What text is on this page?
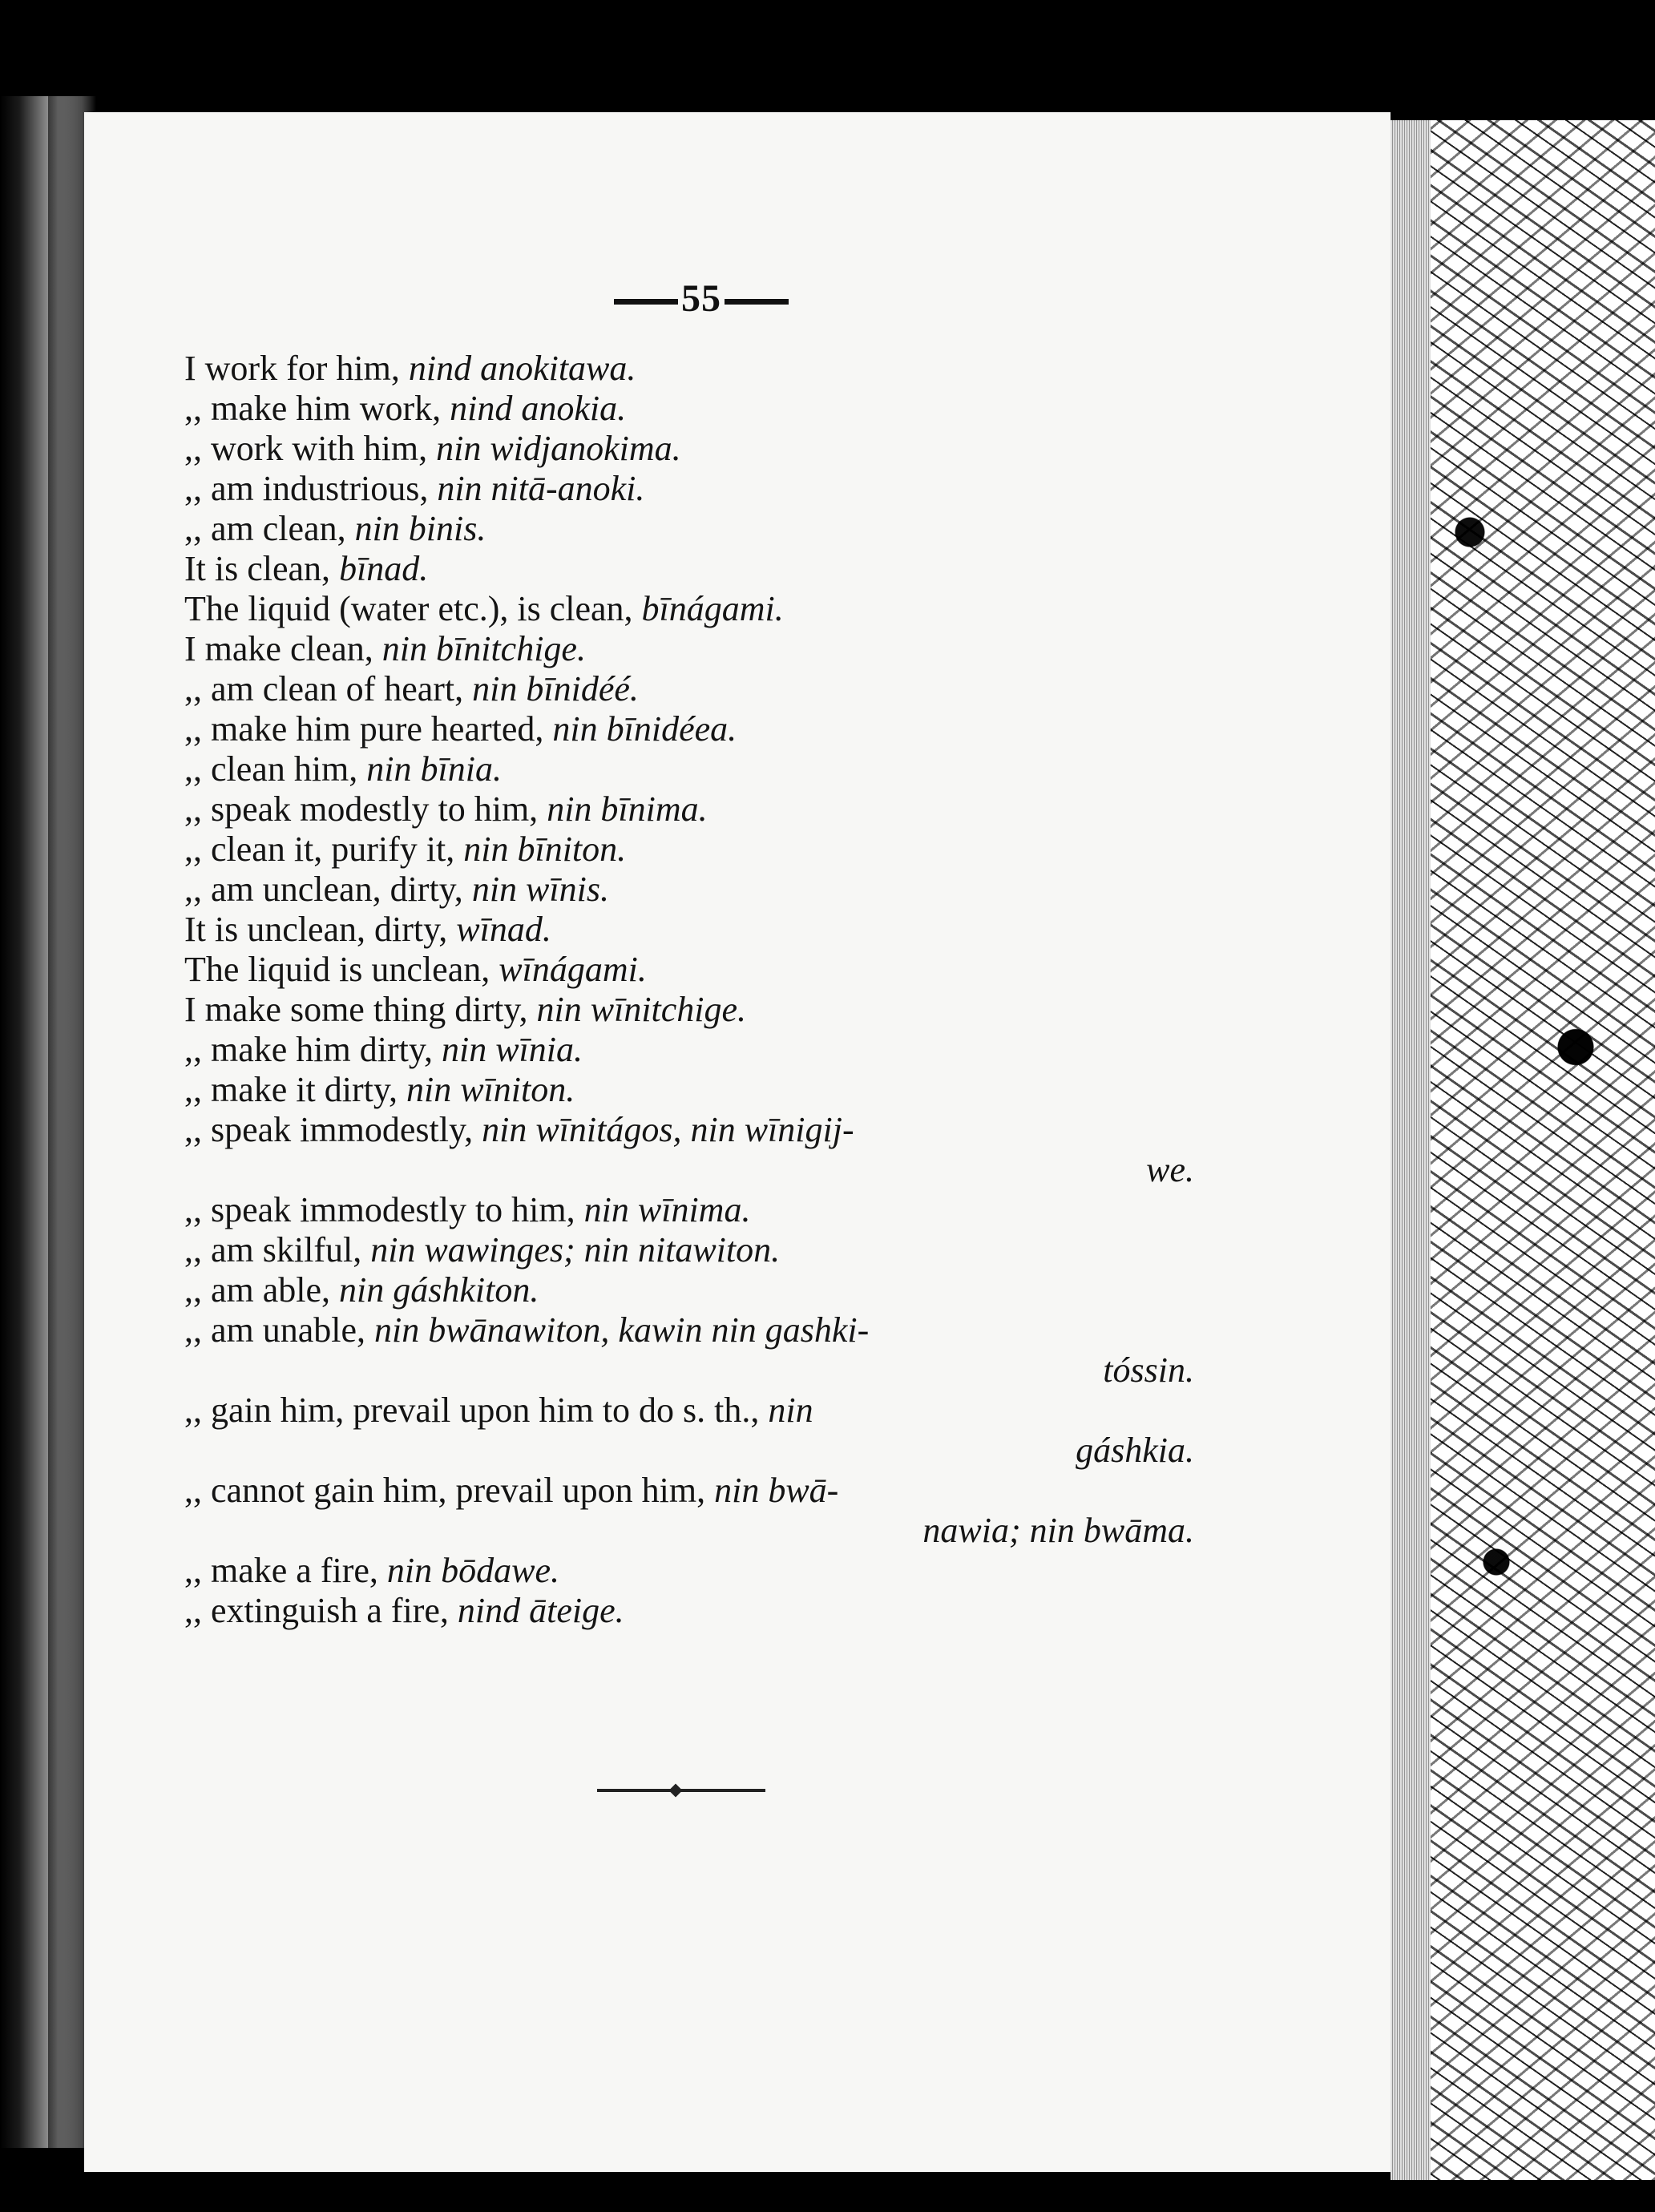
55
I work for him, nind anokitawa.
,, make him work, nind anokia.
,, work with him, nin widjanokima.
,, am industrious, nin nitā-anoki.
,, am clean, nin binis.
It is clean, bīnad.
The liquid (water etc.), is clean, bīnágami.
I make clean, nin bīnitchige.
,, am clean of heart, nin bīnidéé.
,, make him pure hearted, nin bīnidéea.
,, clean him, nin bīnia.
,, speak modestly to him, nin bīnima.
,, clean it, purify it, nin bīniton.
,, am unclean, dirty, nin wīnis.
It is unclean, dirty, wīnad.
The liquid is unclean, wīnágami.
I make some thing dirty, nin wīnitchige.
,, make him dirty, nin wīnia.
,, make it dirty, nin wīniton.
,, speak immodestly, nin wīnitágos, nin wīnigij-
we.
,, speak immodestly to him, nin wīnima.
,, am skilful, nin wawinges; nin nitawiton.
,, am able, nin gáshkiton.
,, am unable, nin bwānawiton, kawin nin gashki-
tóssin.
,, gain him, prevail upon him to do s. th., nin
gáshkia.
,, cannot gain him, prevail upon him, nin bwā-
nawia; nin bwāma.
,, make a fire, nin bōdawe.
,, extinguish a fire, nind āteige.
